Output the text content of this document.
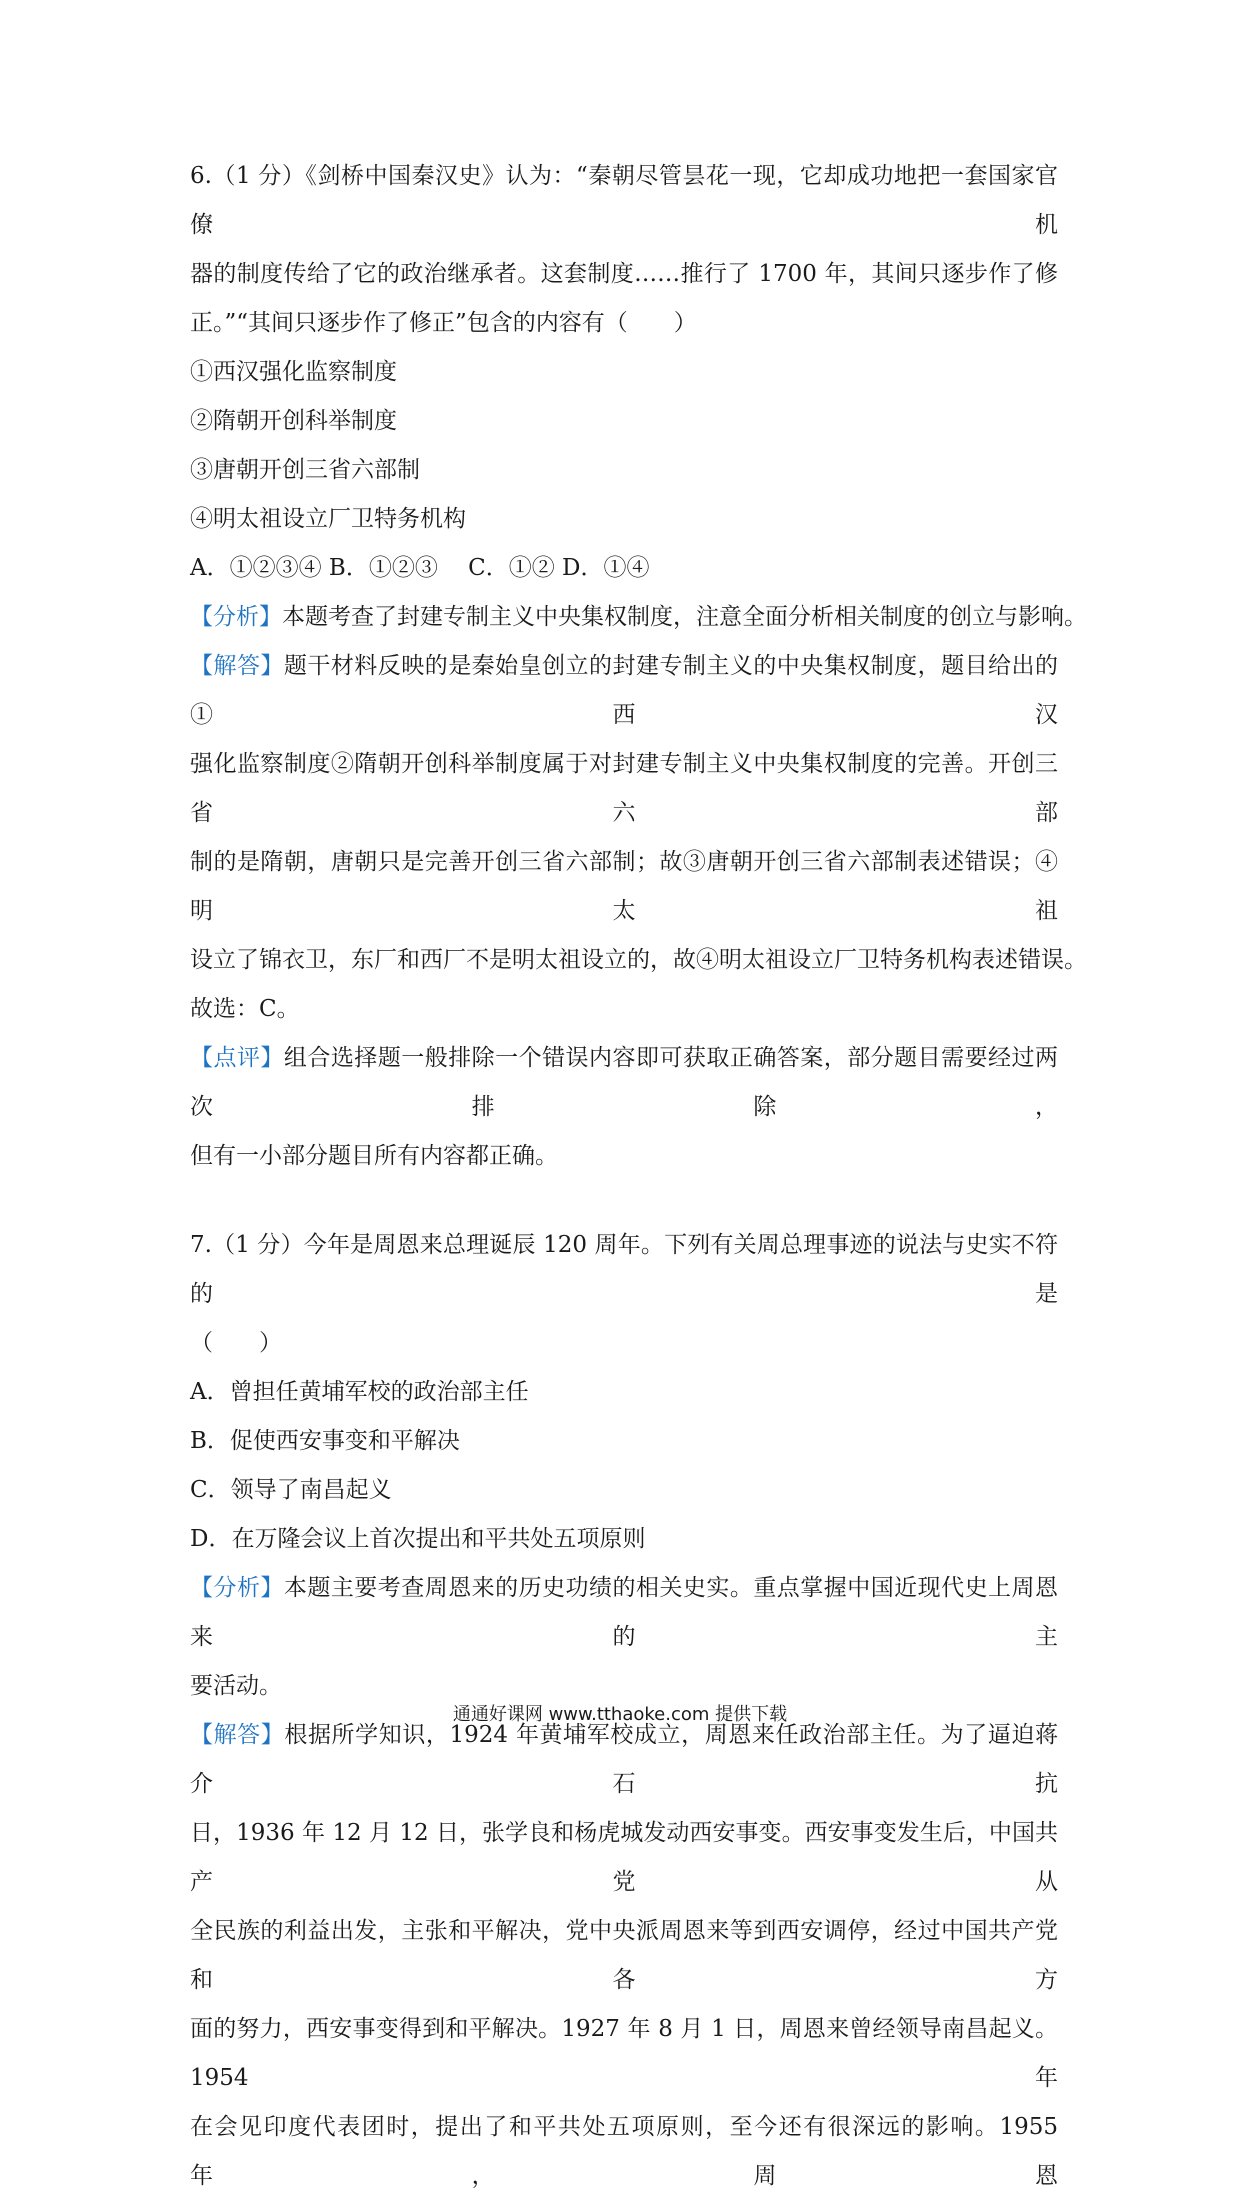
6.（1 分）《剑桥中国秦汉史》认为：“秦朝尽管昙花一现，它却成功地把一套国家官僚机
器的制度传给了它的政治继承者。这套制度……推行了 1700 年，其间只逐步作了修
正。”“其间只逐步作了修正”包含的内容有（　　）
①西汉强化监察制度
②隋朝开创科举制度
③唐朝开创三省六部制
④明太祖设立厂卫特务机构
A．①②③④ B．①②③　 C．①② D．①④
【分析】本题考查了封建专制主义中央集权制度，注意全面分析相关制度的创立与影响。
【解答】题干材料反映的是秦始皇创立的封建专制主义的中央集权制度，题目给出的①西汉
强化监察制度②隋朝开创科举制度属于对封建专制主义中央集权制度的完善。开创三省六部
制的是隋朝，唐朝只是完善开创三省六部制；故③唐朝开创三省六部制表述错误；④明太祖
设立了锦衣卫，东厂和西厂不是明太祖设立的，故④明太祖设立厂卫特务机构表述错误。
故选：C。
【点评】组合选择题一般排除一个错误内容即可获取正确答案，部分题目需要经过两次排除，
但有一小部分题目所有内容都正确。
7.（1 分）今年是周恩来总理诞辰 120 周年。下列有关周总理事迹的说法与史实不符的是
（　　）
A．曾担任黄埔军校的政治部主任
B．促使西安事变和平解决
C．领导了南昌起义
D．在万隆会议上首次提出和平共处五项原则
【分析】本题主要考查周恩来的历史功绩的相关史实。重点掌握中国近现代史上周恩来的主
要活动。
【解答】根据所学知识，1924 年黄埔军校成立，周恩来任政治部主任。为了逼迫蒋介石抗
日，1936 年 12 月 12 日，张学良和杨虎城发动西安事变。西安事变发生后，中国共产党从
全民族的利益出发，主张和平解决，党中央派周恩来等到西安调停，经过中国共产党和各方
面的努力，西安事变得到和平解决。1927 年 8 月 1 日，周恩来曾经领导南昌起义。1954 年
在会见印度代表团时，提出了和平共处五项原则，至今还有很深远的影响。1955 年，周恩
通通好课网 www.tthaoke.com 提供下载
